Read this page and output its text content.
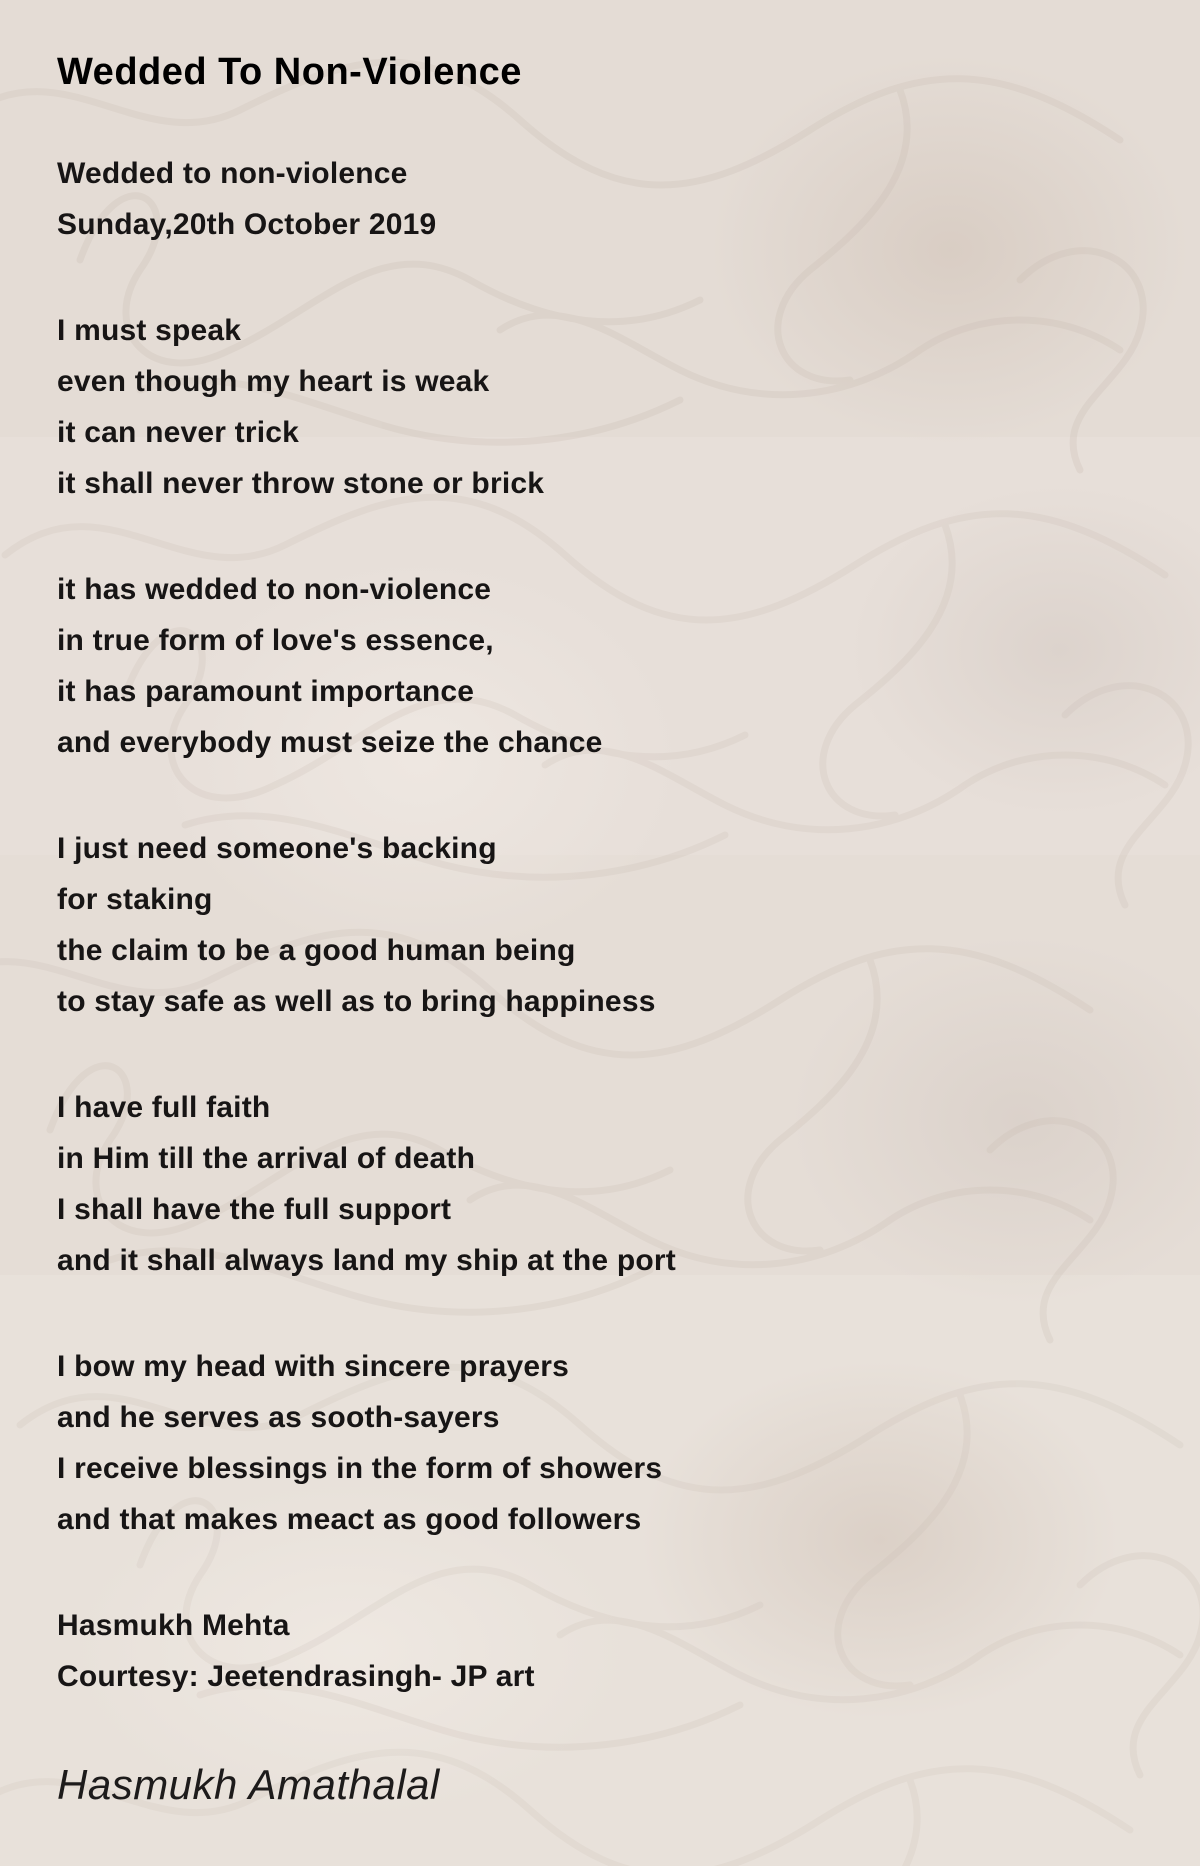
Wedded To Non-Violence
Wedded to non-violence
Sunday,20th October 2019
I must speak
even though my heart is weak
it can never trick
it shall never throw stone or brick
it has wedded to non-violence
in true form of love's essence,
it has paramount importance
and everybody must seize the chance
I just need someone's backing
for staking
the claim to be a good human being
to stay safe as well as to bring happiness
I have full faith
in Him till the arrival of death
I shall have the full support
and it shall always land my ship at the port
I bow my head with sincere prayers
and he serves as sooth-sayers
I receive blessings in the form of showers
and that makes meact as good followers
Hasmukh Mehta
Courtesy: Jeetendrasingh- JP art
Hasmukh Amathalal
